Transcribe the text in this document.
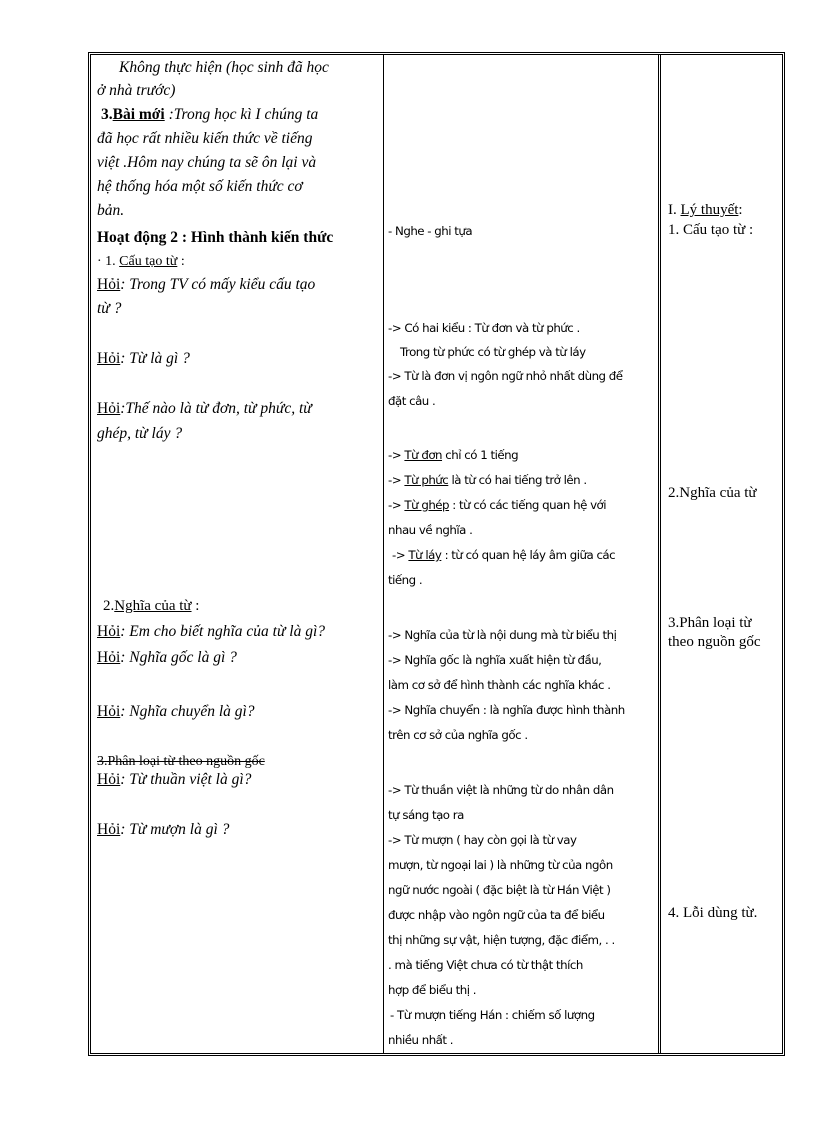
Không thực hiện (học sinh đã học
ở nhà trước)
3.Bài mới :Trong học kì I chúng ta
đã học rất nhiều kiến thức về tiếng
việt .Hôm nay chúng ta sẽ ôn lại và
hệ thống hóa một số kiến thức cơ
bản.
Hoạt động 2 : Hình thành kiến thức
· 1. Cấu tạo từ :
Hỏi: Trong TV có mấy kiểu cấu tạo
từ ?
Hỏi: Từ là gì ?
Hỏi:Thế nào là từ đơn, từ phức, từ
ghép, từ láy ?
2.Nghĩa của từ :
Hỏi: Em cho biết nghĩa của từ là gì?
Hỏi: Nghĩa gốc là gì ?
Hỏi: Nghĩa chuyển là gì?
3.Phân loại từ theo nguồn gốc
Hỏi: Từ thuần việt là gì?
Hỏi: Từ mượn là gì ?
- Nghe - ghi tựa
-> Có hai kiểu : Từ đơn và từ phức .
Trong từ phức có từ ghép và từ láy
-> Từ là đơn vị ngôn ngữ nhỏ nhất dùng để
đặt câu .
-> Từ đơn chỉ có 1 tiếng
-> Từ phức là từ có hai tiếng trở lên .
-> Từ ghép : từ có các tiếng quan hệ với
nhau về nghĩa .
-> Từ láy : từ có quan hệ láy âm giữa các
tiếng .
-> Nghĩa của từ là nội dung mà từ biểu thị
-> Nghĩa gốc là nghĩa xuất hiện từ đầu,
làm cơ sở để hình thành các nghĩa khác .
-> Nghĩa chuyển : là nghĩa được hình thành
trên cơ sở của nghĩa gốc .
-> Từ thuần việt là những từ do nhân dân
tự sáng tạo ra
-> Từ mượn ( hay còn gọi là từ vay
mượn, từ ngoại lai ) là những từ của ngôn
ngữ nước ngoài ( đặc biệt là từ Hán Việt )
được nhập vào ngôn ngữ của ta để biểu
thị những sự vật, hiện tượng, đặc điểm, . .
. mà tiếng Việt chưa có từ thật thích
hợp để biểu thị .
- Từ mượn tiếng Hán : chiếm số lượng
nhiều nhất .
I. Lý thuyết:
1. Cấu tạo từ :
2.Nghĩa của từ
3.Phân loại từ
theo nguồn gốc
4. Lỗi dùng từ.
